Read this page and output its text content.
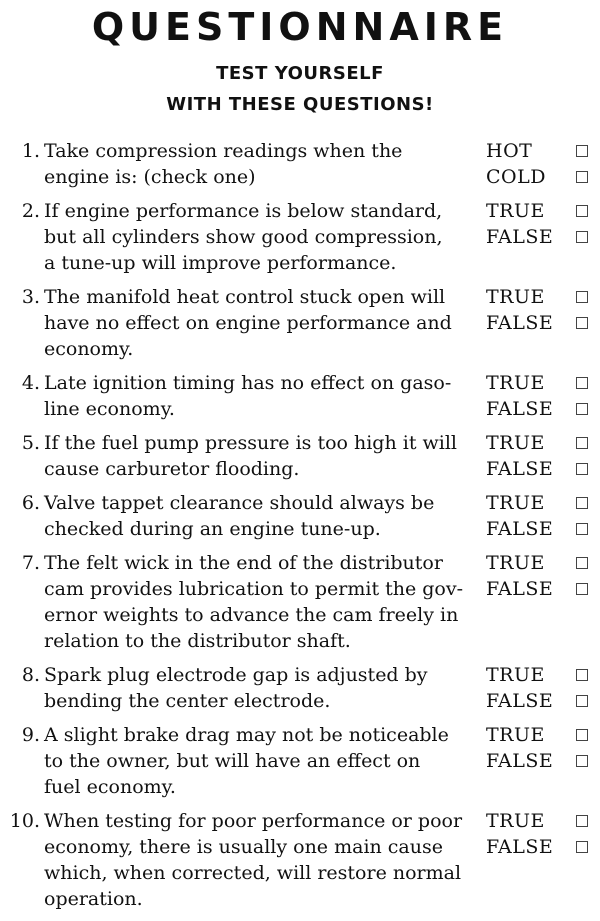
QUESTIONNAIRE
TEST YOURSELF
WITH THESE QUESTIONS!
1. Take compression readings when the
engine is: (check one)
HOT
COLD
2. If engine performance is below standard,
but all cylinders show good compression,
a tune-up will improve performance.
TRUE
FALSE
3. The manifold heat control stuck open will
have no effect on engine performance and
economy.
TRUE
FALSE
4. Late ignition timing has no effect on gaso-
line economy.
TRUE
FALSE
5. If the fuel pump pressure is too high it will
cause carburetor flooding.
TRUE
FALSE
6. Valve tappet clearance should always be
checked during an engine tune-up.
TRUE
FALSE
7. The felt wick in the end of the distributor
cam provides lubrication to permit the gov-
ernor weights to advance the cam freely in
relation to the distributor shaft.
TRUE
FALSE
8. Spark plug electrode gap is adjusted by
bending the center electrode.
TRUE
FALSE
9. A slight brake drag may not be noticeable
to the owner, but will have an effect on
fuel economy.
TRUE
FALSE
10. When testing for poor performance or poor
economy, there is usually one main cause
which, when corrected, will restore normal
operation.
TRUE
FALSE
